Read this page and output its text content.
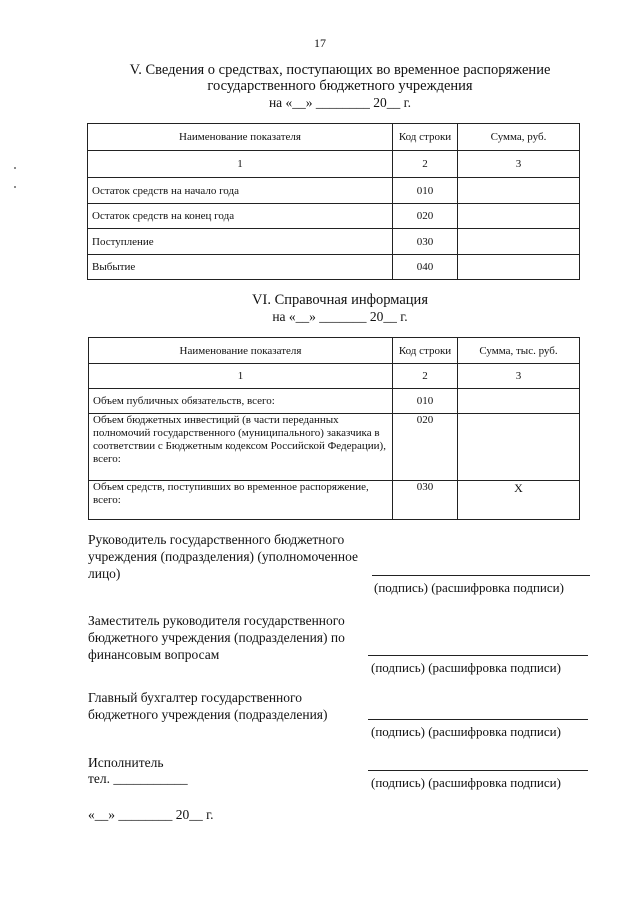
17
V. Сведения о средствах, поступающих во временное распоряжение
государственного бюджетного учреждения
на «__» ________ 20__ г.
Наименование показателя	Код строки	Сумма, руб.
1	2	3
Остаток средств на начало года	010	
Остаток средств на конец года	020	
Поступление	030	
Выбытие	040	
VI. Справочная информация
на «__» _______ 20__ г.
Наименование показателя	Код строки	Сумма, тыс. руб.
1	2	3
Объем публичных обязательств, всего:	010	
Объем бюджетных инвестиций (в части переданных полномочий государственного (муниципального) заказчика в соответствии с Бюджетным кодексом Российской Федерации), всего:	020	
Объем средств, поступивших во временное распоряжение, всего:	030	X
Руководитель государственного бюджетного учреждения (подразделения) (уполномоченное лицо)
(подпись) (расшифровка подписи)
Заместитель руководителя государственного бюджетного учреждения (подразделения) по финансовым вопросам
(подпись) (расшифровка подписи)
Главный бухгалтер государственного бюджетного учреждения (подразделения)
(подпись) (расшифровка подписи)
Исполнитель
тел. ___________	(подпись) (расшифровка подписи)
«__» ________ 20__ г.
